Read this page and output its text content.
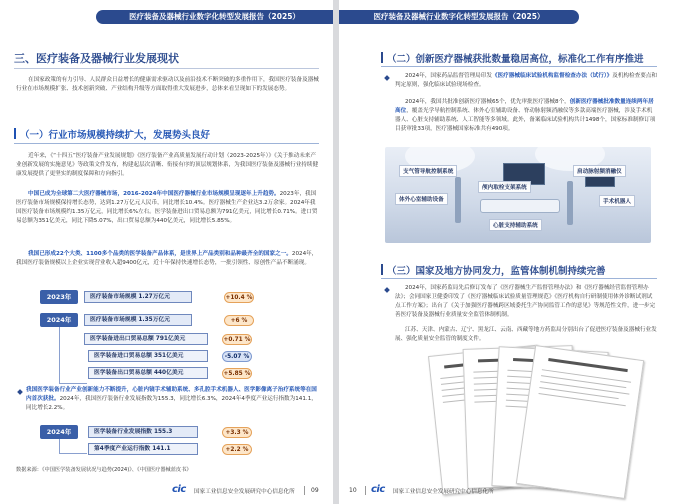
医疗装备及器械行业数字化转型发展报告（2025）
三、医疗装备及器械行业发展现状
在国家政策的有力引导、人民群众日益增长的健康需求驱动以及前沿技术不断突破的多重作用下，我国医疗装备及器械行业在市场规模扩张、技术创新突破、产业结构升级等方面取得重大发展进步，总体来看呈现如下的发展态势。
（一）行业市场规模持续扩大，发展势头良好
近年来，《“十四五”医疗装备产业发展规划》《医疗装备产业高质量发展行动计划（2023-2025年）》《关于推动未来产业创新发展的实施意见》等政策文件发布，构建起层次清晰、衔接有序的顶层规划体系，为我国医疗装备及器械行业持续健康发展提供了更坚实的制度保障和方向指引。
中国已成为全球第二大医疗器械市场，2016-2024年中国医疗器械行业市场规模呈现逐年上升趋势。2023年，我国医疗装备市场规模保持增长态势，达到1.27万亿元人民币，同比增长10.4%。医疗器械生产企业达3.2万余家。2024年我国医疗装备市场规模约1.35万亿元，同比增长6%左右。医学装备进出口贸易总额为791亿美元，同比增长0.71%。进口贸易总额为351亿美元，同比下降5.07%，出口贸易总额为440亿美元，同比增长5.85%。
我国已形成22个大类、1100多个品类的医学装备产品体系，是世界上产品类别和品种最齐全的国家之一。2024年，我国医疗装备规模以上企业实现营业收入超9400亿元，近十年保持快速增长态势，一批引领性、原创性产品不断涌现。
2023年	医疗装备市场规模 1.27万亿元	+10.4 %
2024年	医疗装备市场规模 1.35万亿元	+6 %
医学装备进出口贸易总额 791亿美元	+0.71 %
医学装备进口贸易总额 351亿美元	-5.07 %
医学装备出口贸易总额 440亿美元	+5.85 %
我国医学装备行业产业创新能力不断提升，心脏内镜手术辅助系统、多孔腔手术机器人、医学影像离子治疗系统等在国内首次获批。2024年，我国医疗装备行业发展指数为155.3，同比增长6.3%，2024年4季度产业运行指数为141.1，同比增长2.2%。
2024年	医学装备行业发展指数 155.3	+3.3 %
第4季度产业运行指数 141.1	+2.2 %
数据来源：《中国医学装备发展状况与趋势(2024)》、《中国医疗器械蓝皮书》
cic 国家工业信息安全发展研究中心信息化所	09
医疗装备及器械行业数字化转型发展报告（2025）
（二）创新医疗器械获批数量稳居高位，标准化工作有序推进
2024年，国家药品监督管理局印发《医疗器械临床试验机构监督检查办法（试行）》及机构检查要点和判定原则，强化临床试验现场检查。
2024年，我国共批准创新医疗器械65个，优先审批医疗器械8个，创新医疗器械批准数量连续两年居高位，覆盖光学导航控制系统、体外心室辅助设备、脊动脉射频消融仪等多款高端医疗器械，涉及手术机器人、心脏支持辅助系统、人工智能等多领域。此外，备案临床试验机构共计1498个，国家标准制修订项目获审批33项，医疗器械国家标准共有490项。
支气管导航控制系统
颅内取栓支架系统
肩动脉射频消融仪
体外心室辅助设备	手术机器人
心脏支持辅助系统
（三）国家及地方协同发力，监管体制机制持续完善
2024年，国家药监局先后修订发布了《医疗器械生产监督管理办法》和《医疗器械经营监督管理办法》；会同国家卫健委印发了《医疗器械临床试验质量管理规范》《医疗机构自行研制使用体外诊断试剂试点工作方案》；出台了《关于加强医疗器械跨区域委托生产协同监管工作的意见》等规范性文件，进一步完善医疗装备及器械行业质量安全监管体制机制。
江苏、天津、内蒙古、辽宁、黑龙江、云南、西藏等地方药监局分别出台了促进医疗装备及器械行业发展、强化质量安全监管的制度文件。
10 cic 国家工业信息安全发展研究中心信息化所
